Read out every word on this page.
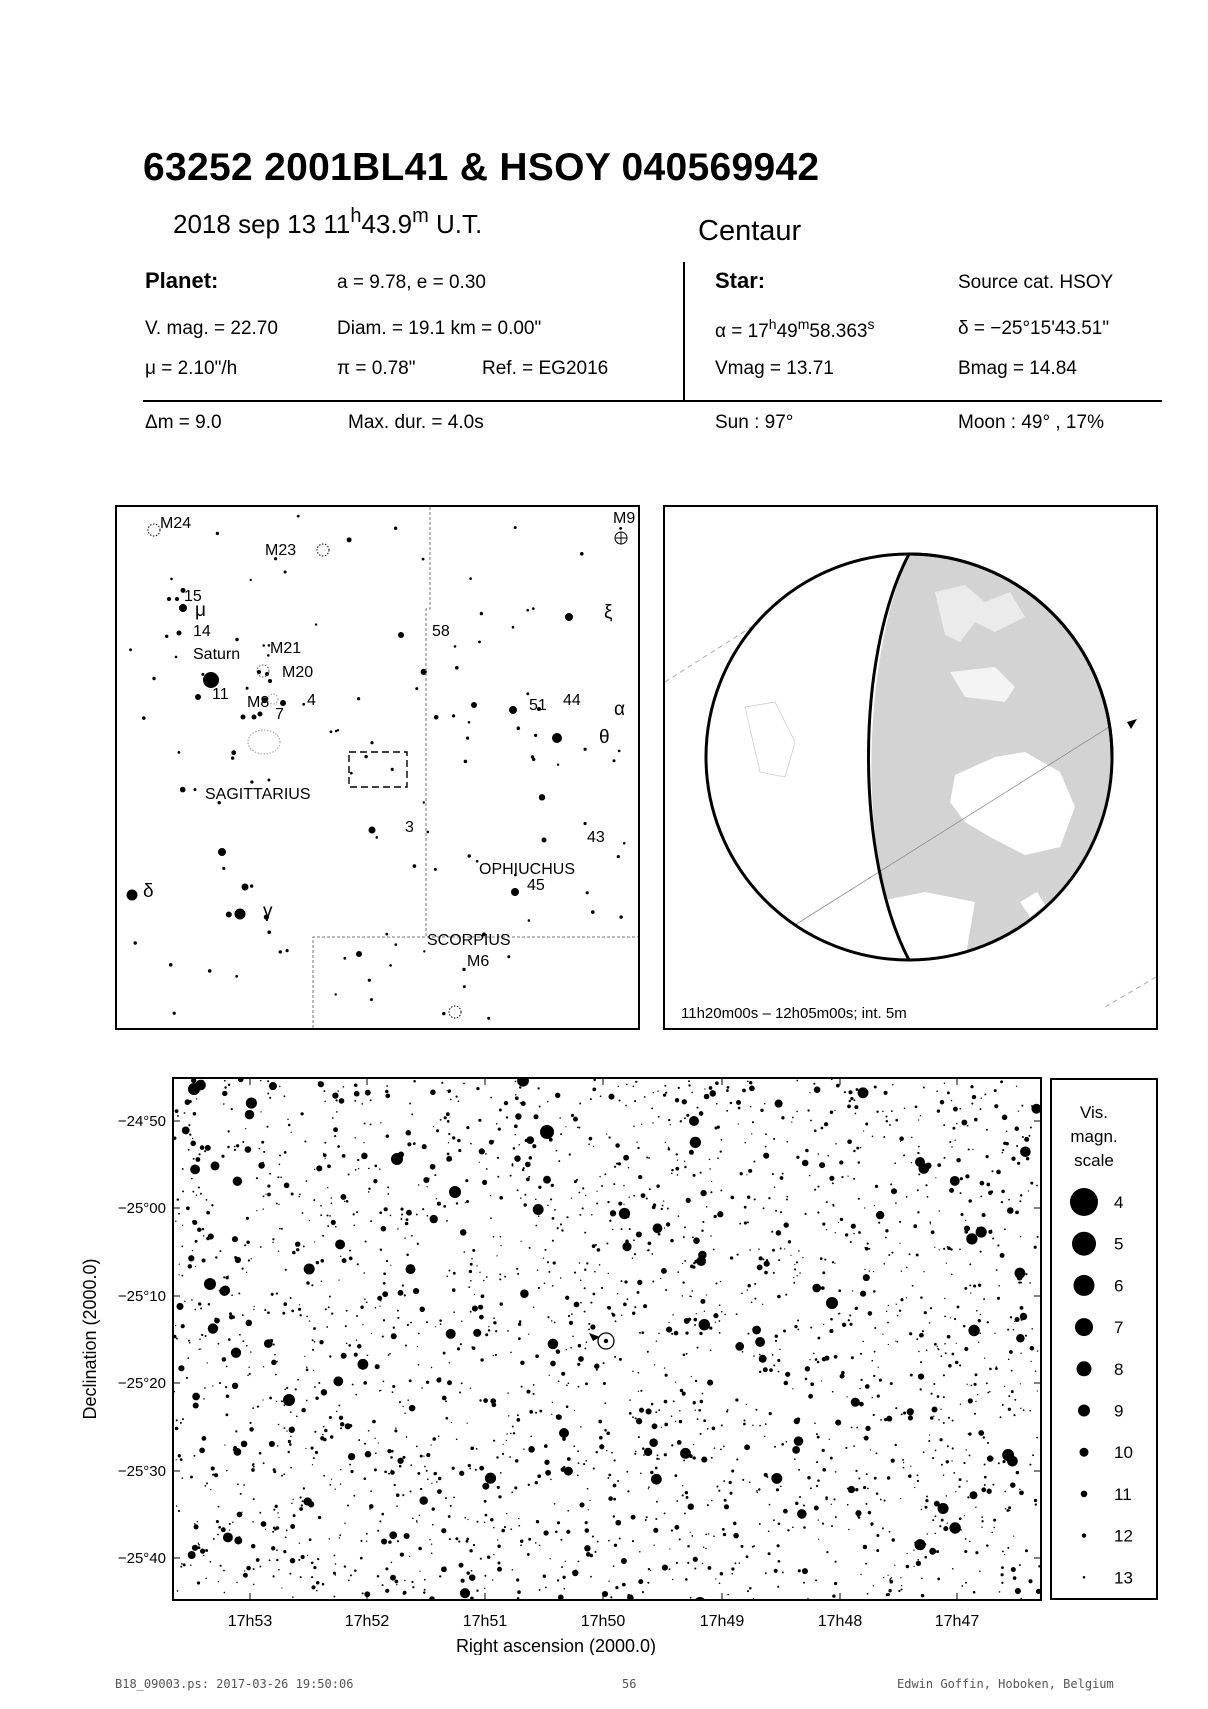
63252 2001BL41 & HSOY 040569942
2018 sep 13 11$^h$43.9$^m$ U.T.	Centaur
Planet:	a = 9.78, e = 0.30
V. mag. = 22.70	Diam. = 19.1 km = 0.00"
μ = 2.10"/h	π = 0.78"	Ref. = EG2016
Star:	Source cat. HSOY
$\alpha = 17^h49^m58.363^s$	δ = −25°15'43.51"
Vmag = 13.71	Bmag = 14.84
Δm = 9.0	Max. dur. = 4.0s	Sun : 97°	Moon : 49° , 17%
M24
M23
M9
15
μ
14
Saturn M21
M20
58
ξ
11 M8
7
4	51 44 α
θ
SAGITTARIUS
3
43
OPHIUCHUS
45
δ
γ
SCORPIUS
M6
11h20m00s – 12h05m00s; int. 5m
17h53	17h52	17h51	17h50	17h49	17h48	17h47
−24°50
−25°00
−25°10
−25°20
−25°30
−25°40
Right ascension (2000.0)
Declination (2000.0)
Vis.
magn.
scale
4
5
6
7
8
9
10
11
12
13
B18_09003.ps: 2017-03-26 19:50:06	56	Edwin Goffin, Hoboken, Belgium
